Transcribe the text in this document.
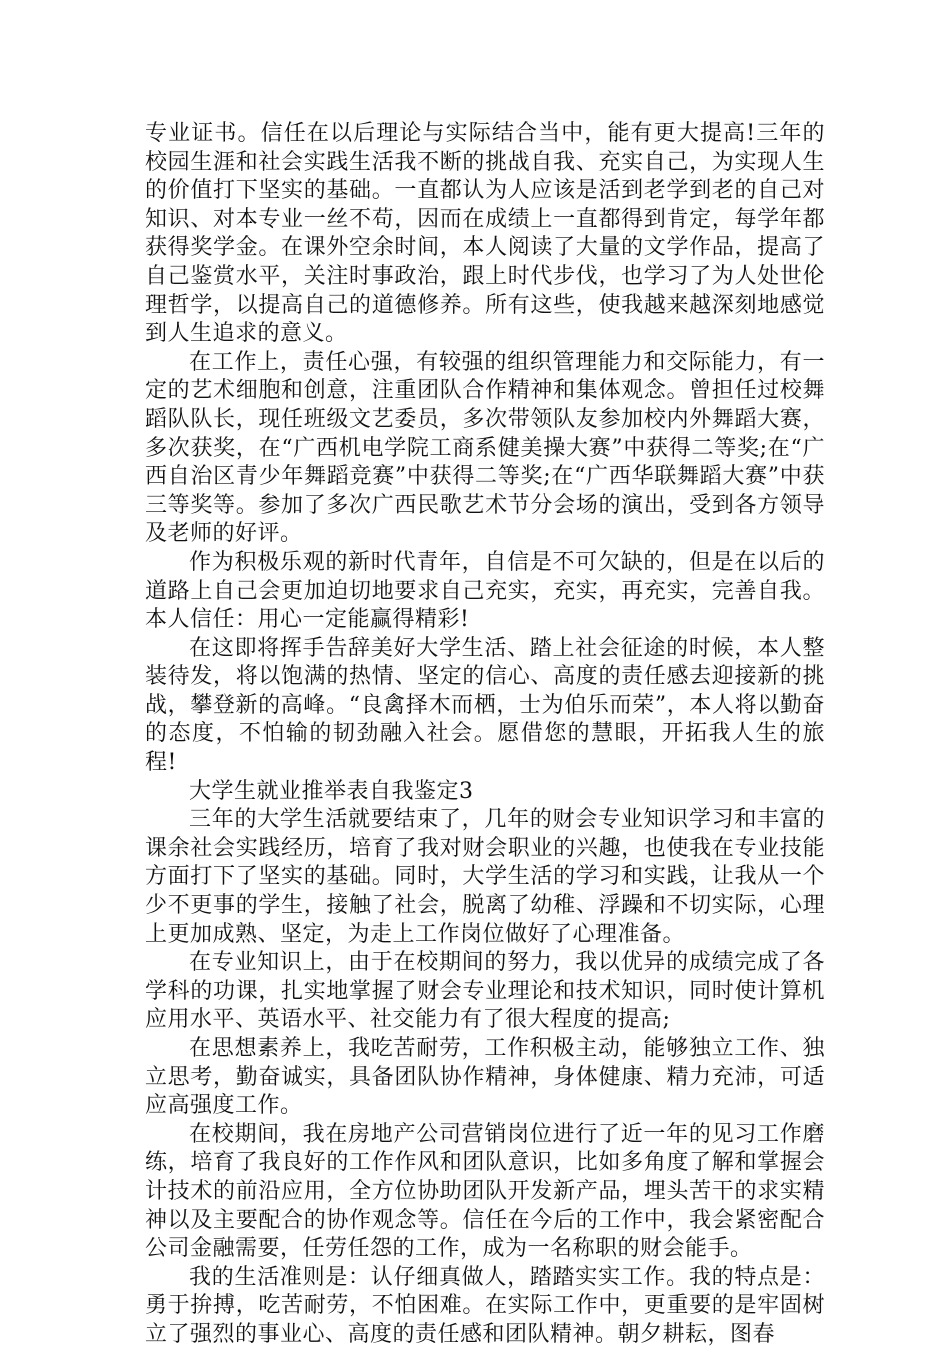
专业证书。信任在以后理论与实际结合当中，能有更大提高!三年的校园生涯和社会实践生活我不断的挑战自我、充实自己，为实现人生的价值打下坚实的基础。一直都认为人应该是活到老学到老的自己对知识、对本专业一丝不苟，因而在成绩上一直都得到肯定，每学年都获得奖学金。在课外空余时间，本人阅读了大量的文学作品，提高了自己鉴赏水平，关注时事政治，跟上时代步伐，也学习了为人处世伦理哲学，以提高自己的道德修养。所有这些，使我越来越深刻地感觉到人生追求的意义。

在工作上，责任心强，有较强的组织管理能力和交际能力，有一定的艺术细胞和创意，注重团队合作精神和集体观念。曾担任过校舞蹈队队长，现任班级文艺委员，多次带领队友参加校内外舞蹈大赛，多次获奖，在“广西机电学院工商系健美操大赛”中获得二等奖;在“广西自治区青少年舞蹈竞赛”中获得二等奖;在“广西华联舞蹈大赛”中获三等奖等。参加了多次广西民歌艺术节分会场的演出，受到各方领导及老师的好评。

作为积极乐观的新时代青年，自信是不可欠缺的，但是在以后的道路上自己会更加迫切地要求自己充实，充实，再充实，完善自我。本人信任：用心一定能赢得精彩!

在这即将挥手告辞美好大学生活、踏上社会征途的时候，本人整装待发，将以饱满的热情、坚定的信心、高度的责任感去迎接新的挑战，攀登新的高峰。“良禽择木而栖，士为伯乐而荣”，本人将以勤奋的态度，不怕输的韧劲融入社会。愿借您的慧眼，开拓我人生的旅程!

大学生就业推举表自我鉴定3

三年的大学生活就要结束了，几年的财会专业知识学习和丰富的课余社会实践经历，培育了我对财会职业的兴趣，也使我在专业技能方面打下了坚实的基础。同时，大学生活的学习和实践，让我从一个少不更事的学生，接触了社会，脱离了幼稚、浮躁和不切实际，心理上更加成熟、坚定，为走上工作岗位做好了心理准备。

在专业知识上，由于在校期间的努力，我以优异的成绩完成了各学科的功课，扎实地掌握了财会专业理论和技术知识，同时使计算机应用水平、英语水平、社交能力有了很大程度的提高;

在思想素养上，我吃苦耐劳，工作积极主动，能够独立工作、独立思考，勤奋诚实，具备团队协作精神，身体健康、精力充沛，可适应高强度工作。

在校期间，我在房地产公司营销岗位进行了近一年的见习工作磨练，培育了我良好的工作作风和团队意识，比如多角度了解和掌握会计技术的前沿应用，全方位协助团队开发新产品，埋头苦干的求实精神以及主要配合的协作观念等。信任在今后的工作中，我会紧密配合公司金融需要，任劳任怨的工作，成为一名称职的财会能手。

我的生活准则是：认仔细真做人，踏踏实实工作。我的特点是：勇于拚搏，吃苦耐劳，不怕困难。在实际工作中，更重要的是牢固树立了强烈的事业心、高度的责任感和团队精神。朝夕耕耘，图春
